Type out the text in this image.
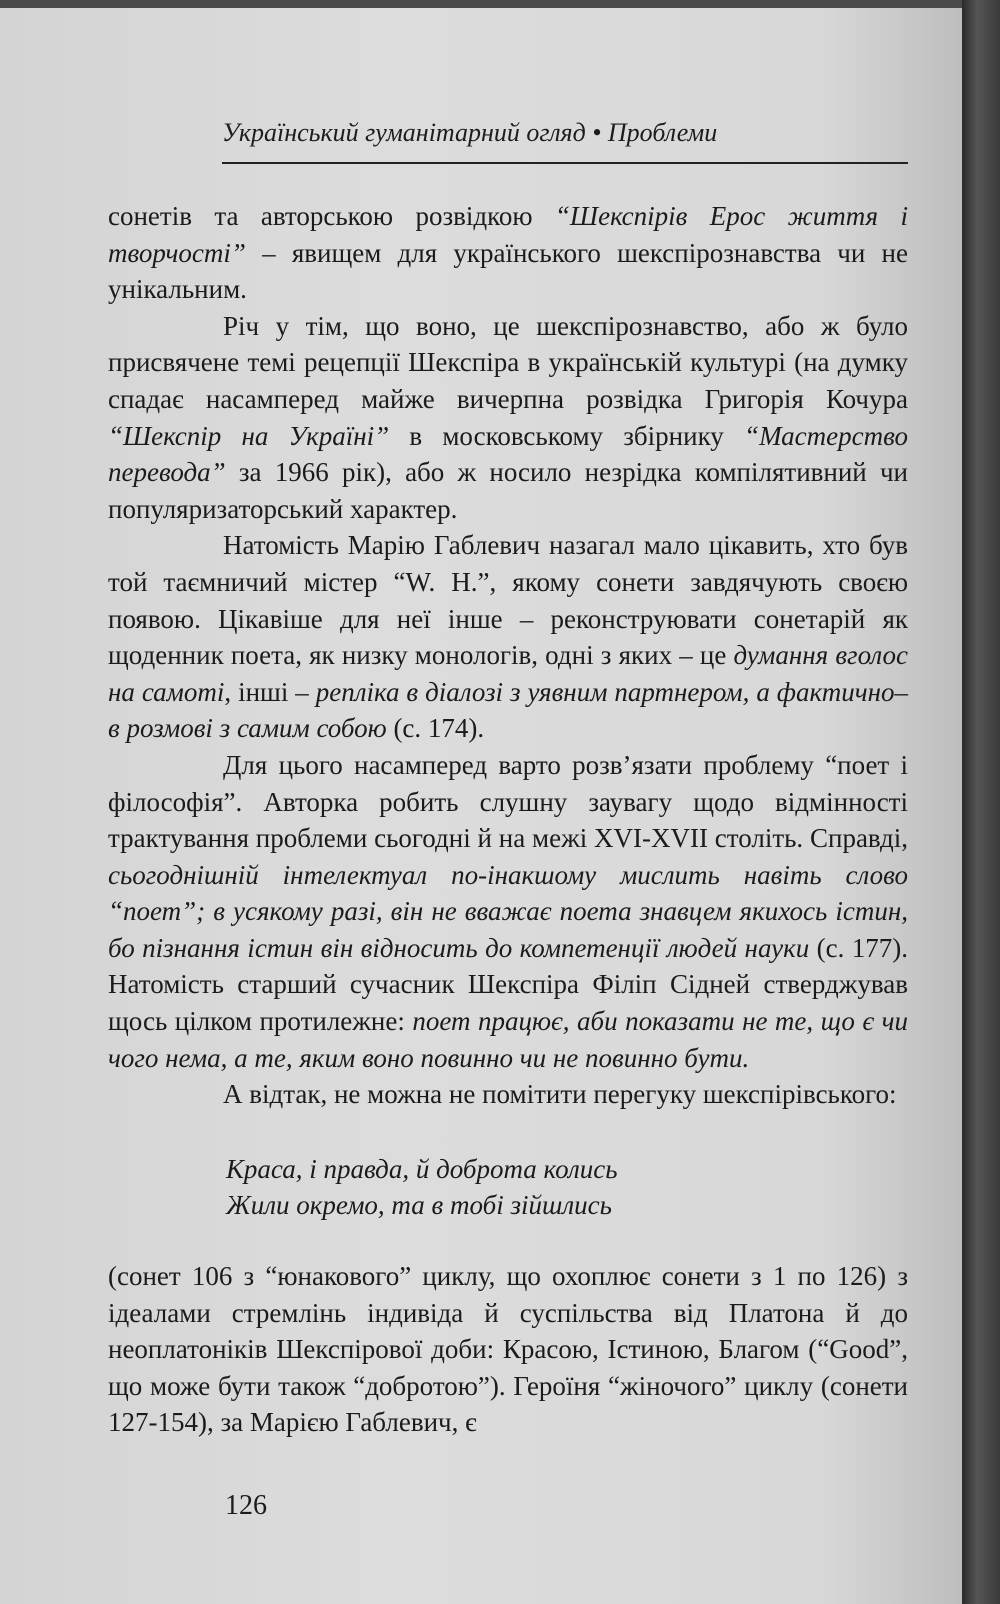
Український гуманітарний огляд • Проблеми

сонетів та авторською розвідкою “Шекспірів Ерос життя і творчості” – явищем для українського шекспірознавства чи не унікальним.

Річ у тім, що воно, це шекспірознавство, або ж було присвячене темі рецепції Шекспіра в українській культурі (на думку спадає насамперед майже вичерпна розвідка Григорія Кочура “Шекспір на Україні” в московському збірнику “Мастерство перевода” за 1966 рік), або ж носило незрідка компілятивний чи популяризаторський характер.

Натомість Марію Габлевич назагал мало цікавить, хто був той таємничий містер “W. H.”, якому сонети завдячують своєю появою. Цікавіше для неї інше – реконструювати сонетарій як щоденник поета, як низку монологів, одні з яких – це думання вголос на самоті, інші – репліка в діалозі з уявним партнером, а фактично– в розмові з самим собою (с. 174).

Для цього насамперед варто розв’язати проблему “поет і філософія”. Авторка робить слушну заувагу щодо відмінності трактування проблеми сьогодні й на межі XVI-XVII століть. Справді, сьогоднішній інтелектуал по-інакшому мислить навіть слово “поет”; в усякому разі, він не вважає поета знавцем якихось істин, бо пізнання істин він відносить до компетенції людей науки (с. 177). Натомість старший сучасник Шекспіра Філіп Сідней стверджував щось цілком протилежне: поет працює, аби показати не те, що є чи чого нема, а те, яким воно повинно чи не повинно бути.

А відтак, не можна не помітити перегуку шекспірівського:

Краса, і правда, й доброта колись
Жили окремо, та в тобі зійшлись

(сонет 106 з “юнакового” циклу, що охоплює сонети з 1 по 126) з ідеалами стремлінь індивіда й суспільства від Платона й до неоплатоніків Шекспірової доби: Красою, Істиною, Благом (“Good”, що може бути також “добротою”). Героїня “жіночого” циклу (сонети 127-154), за Марією Габлевич, є

126
